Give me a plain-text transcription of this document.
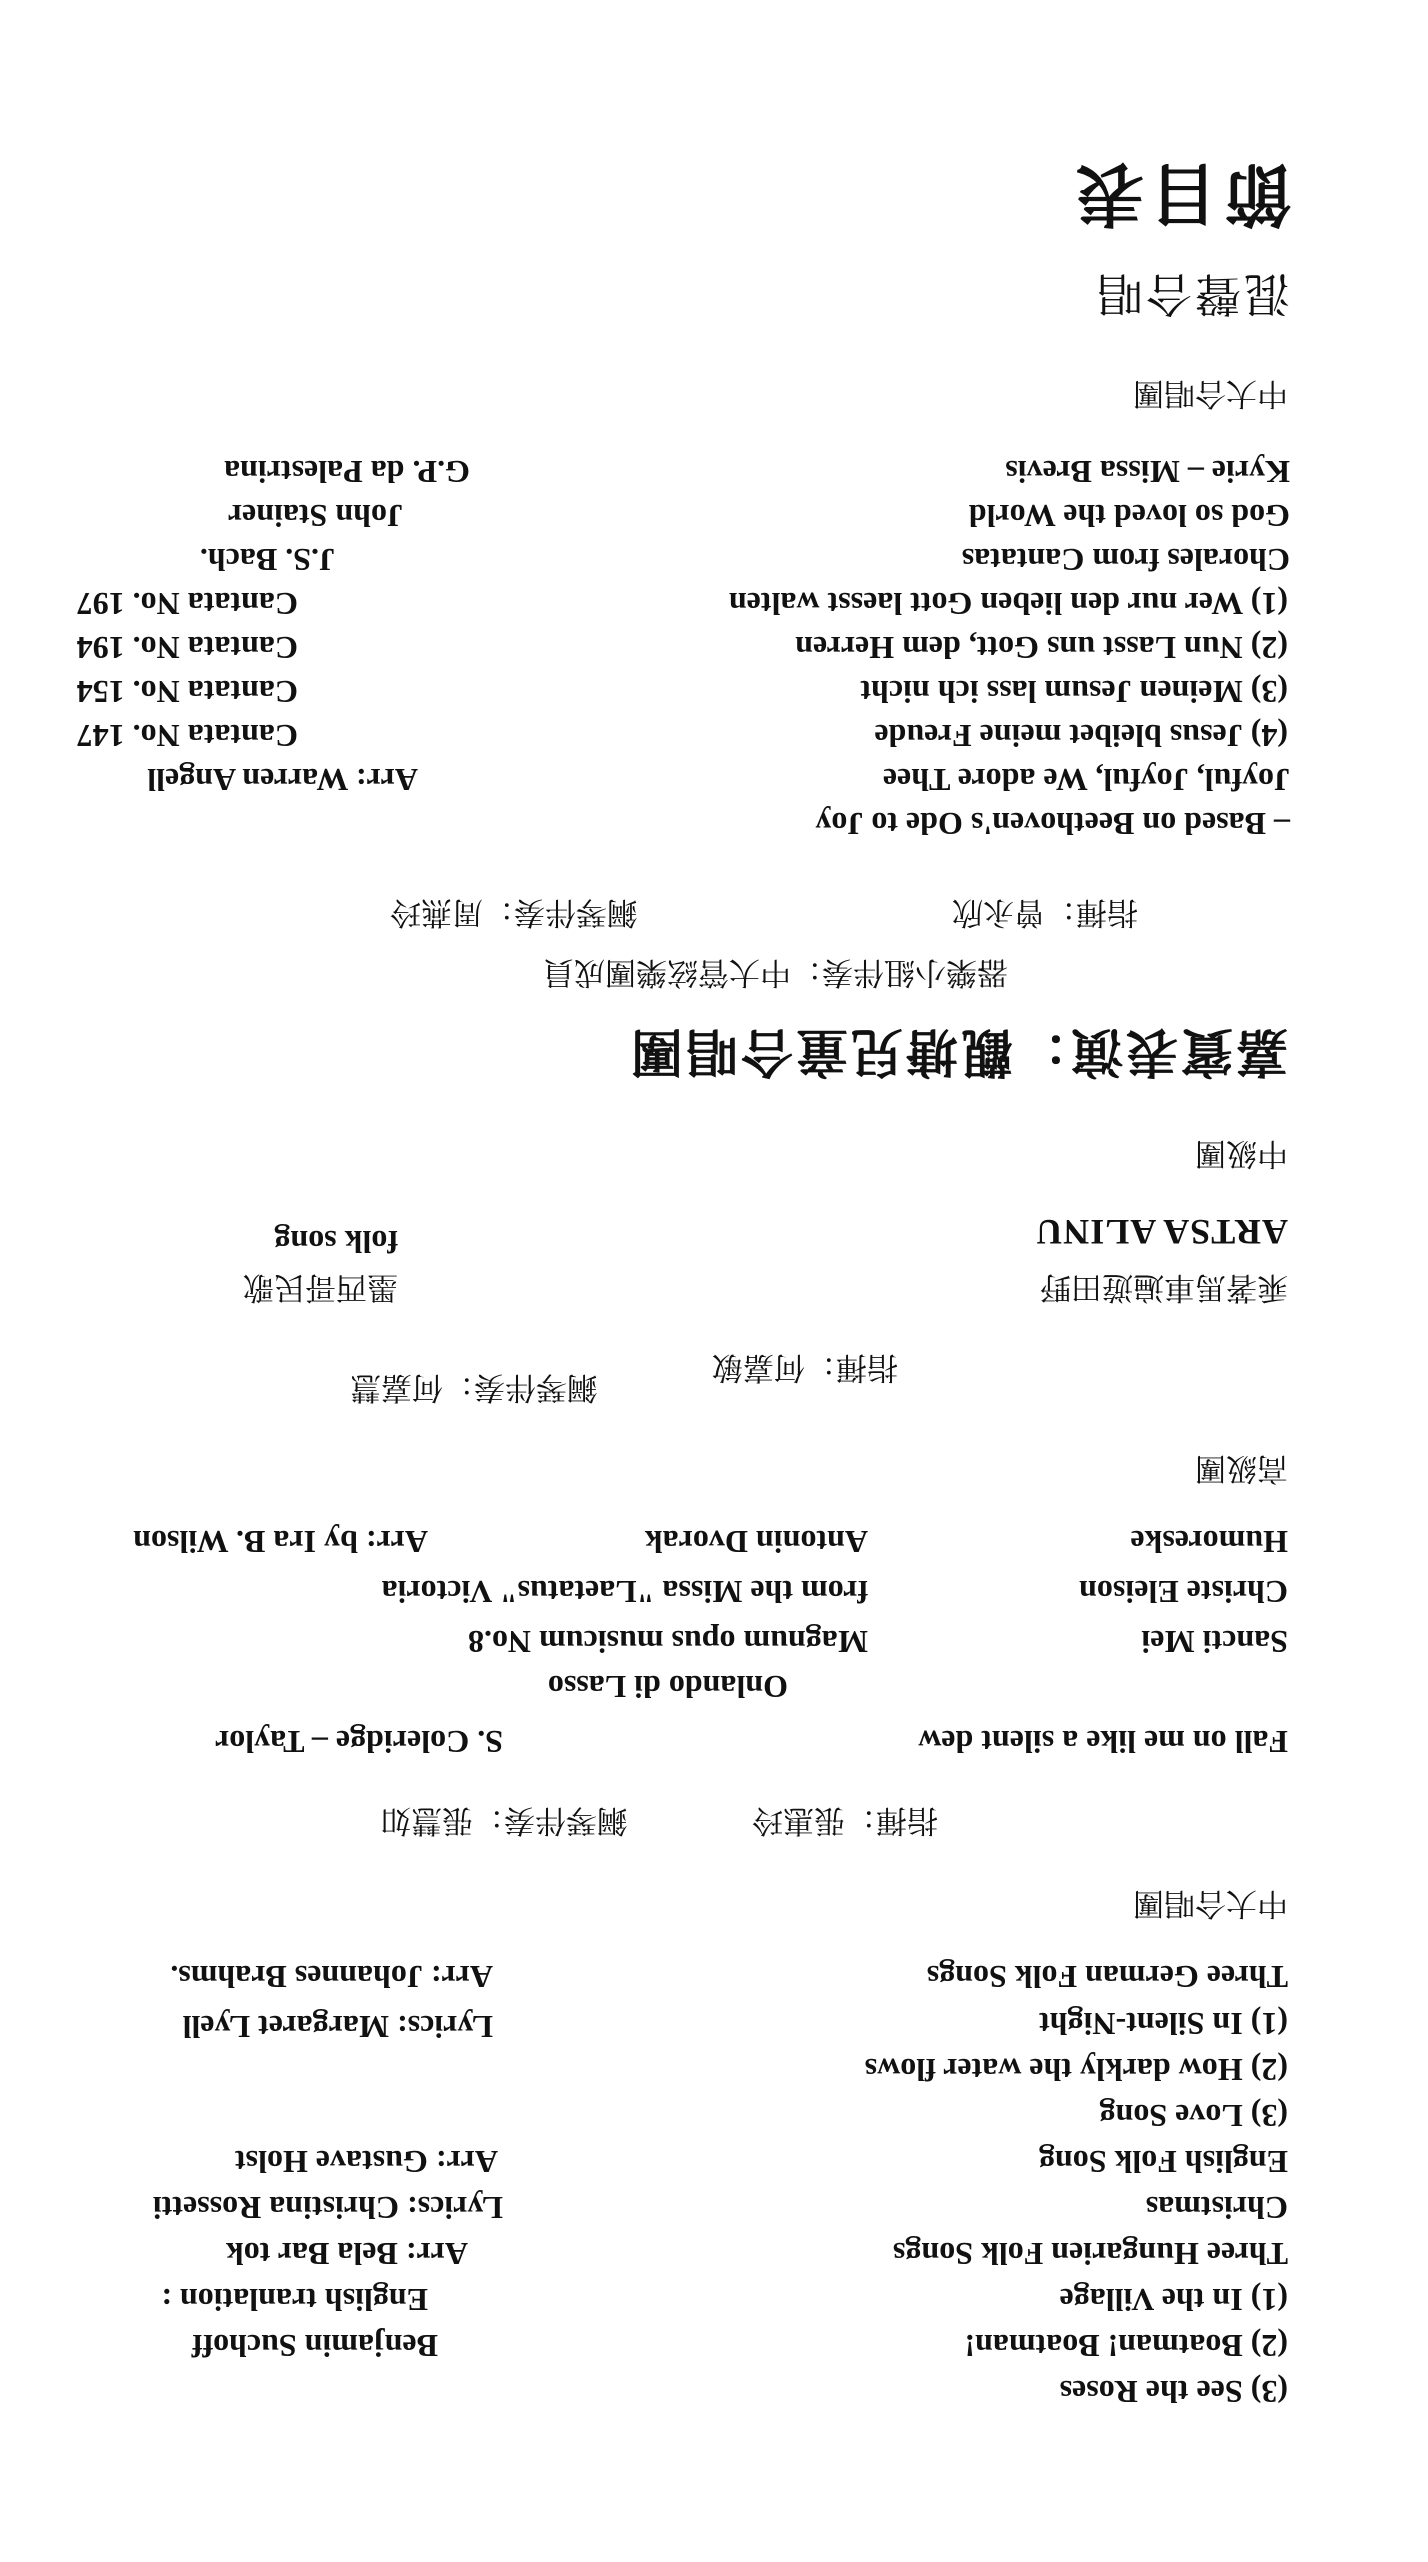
節目表
混聲合唱
中大合唱團
Kyrie – Missa Brevis
G.P. da Palestrina
God so loved the World
John Stainer
Chorales from Cantatas
J.S. Bach.
(1) Wer nur den lieben Gott laesst walten
Cantata No. 197
(2) Nun Lasst uns Gott, dem Herren
Cantata No. 194
(3) Meinen Jesum lass ich nicht
Cantata No. 154
(4) Jesus bleibet meine Freude
Cantata No. 147
Joyful, Joyful, We adore Thee
Arr: Warren Angell
– Based on Beethoven's Ode to Joy
指揮：曾永欣
鋼琴伴奏：周燕玲
器樂小組伴奏：中大管絃樂團成員
嘉賓表演：觀塘兒童合唱團
中級團
ARTSA ALINU
folk song
乘著馬車遍遊田野
墨西哥民歌
指揮：何嘉敏
鋼琴伴奏：何嘉慧
高級團
Humoreske
Antonin Dvorak
Arr: by Ira B. Wilson
Christe Eleison
from the Missa "Laetatus" Victoria
Sancti Mei
Magnum opus musicum No.8
Onlando di Lasso
Fall on me like a silent dew
S. Coleridge – Taylor
指揮：張惠玲
鋼琴伴奏：張慧如
中大合唱團
Three German Folk Songs
Arr: Johannes Brahms.
(1) In Silent-Night
Lyrics: Margaret Lyell
(2) How darkly the water flows
(3) Love Song
English Folk Song
Arr: Gustave Holst
Christmas
Lyrics: Christina Rossetti
Three Hungarien Folk Songs
Arr: Bela Bar tok
(1) In the Village
English tranlation :
(2) Boatman! Boatman!
Benjamin Suchoff
(3) See the Roses
